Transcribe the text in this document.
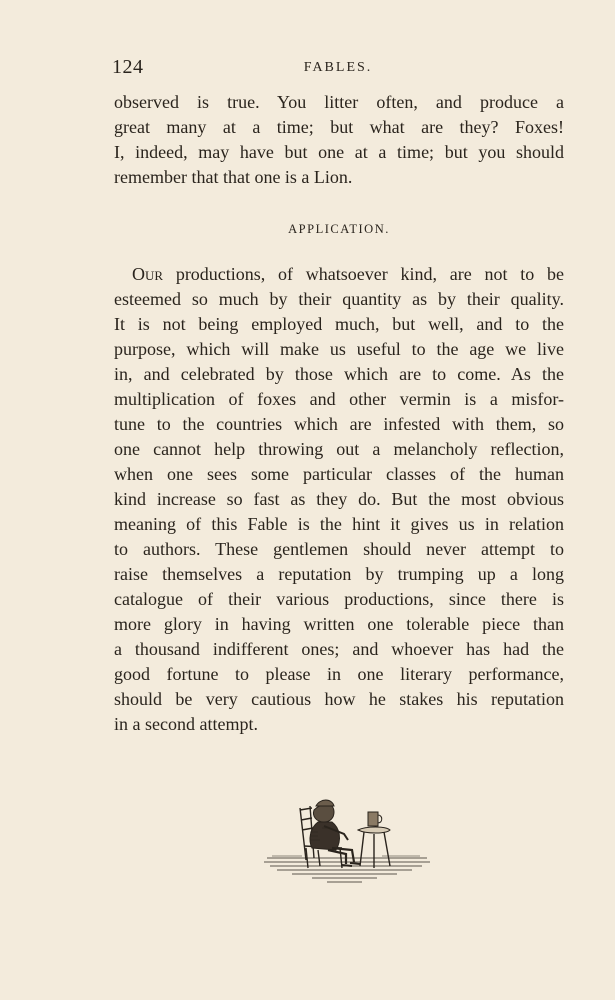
124	FABLES.
observed is true. You litter often, and produce a
great many at a time; but what are they? Foxes!
I, indeed, may have but one at a time; but you should
remember that that one is a Lion.
APPLICATION.
Our productions, of whatsoever kind, are not to be
esteemed so much by their quantity as by their quality.
It is not being employed much, but well, and to the
purpose, which will make us useful to the age we live
in, and celebrated by those which are to come. As the
multiplication of foxes and other vermin is a misfor-
tune to the countries which are infested with them, so
one cannot help throwing out a melancholy reflection,
when one sees some particular classes of the human
kind increase so fast as they do. But the most obvious
meaning of this Fable is the hint it gives us in relation
to authors. These gentlemen should never attempt to
raise themselves a reputation by trumping up a long
catalogue of their various productions, since there is
more glory in having written one tolerable piece than
a thousand indifferent ones; and whoever has had the
good fortune to please in one literary performance,
should be very cautious how he stakes his reputation
in a second attempt.
